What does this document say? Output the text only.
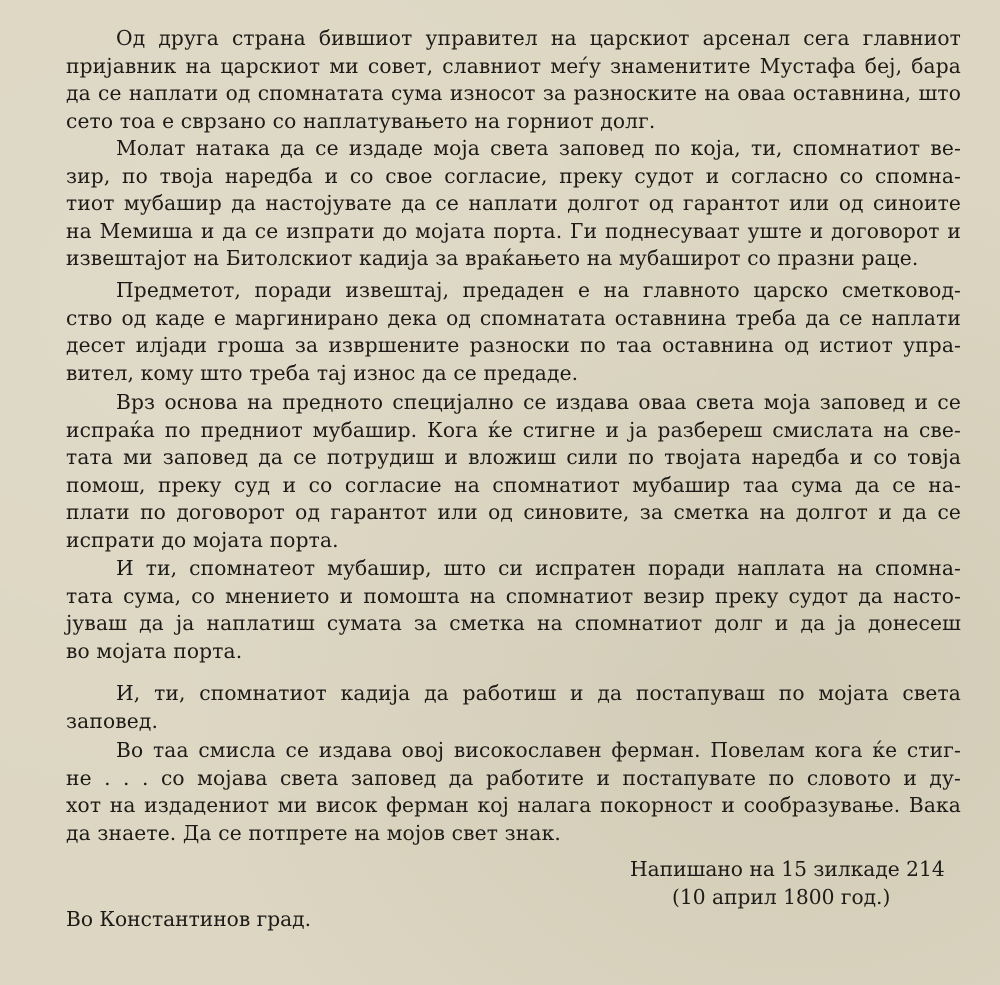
Од друга страна бившиот управител на царскиот арсенал сега главниот
пријавник на царскиот ми совет, славниот меѓу знаменитите Мустафа беј, бара
да се наплати од спомнатата сума износот за разноските на оваа оставнина, што
сето тоа е сврзано со наплатувањето на горниот долг.
Молат натака да се издаде моја света заповед по која, ти, спомнатиот ве-
зир, по твоја наредба и со свое согласие, преку судот и согласно со спомна-
тиот мубашир да настојувате да се наплати долгот од гарантот или од синоите
на Мемиша и да се изпрати до мојата порта. Ги поднесуваат уште и договорот и
извештајот на Битолскиот кадија за враќањето на мубаширот со празни раце.
Предметот, поради извештај, предаден е на главното царско сметковод-
ство од каде е маргинирано дека од спомнатата оставнина треба да се наплати
десет илјади гроша за извршените разноски по таа оставнина од истиот упра-
вител, кому што треба тај износ да се предаде.
Врз основа на предното специјално се издава оваа света моја заповед и се
испраќа по предниот мубашир. Кога ќе стигне и ја разбереш смислата на све-
тата ми заповед да се потрудиш и вложиш сили по твојата наредба и со товја
помош, преку суд и со согласие на спомнатиот мубашир таа сума да се на-
плати по договорот од гарантот или од синовите, за сметка на долгот и да се
испрати до мојата порта.
И ти, спомнатеот мубашир, што си испратен поради наплата на спомна-
тата сума, со мнението и помошта на спомнатиот везир преку судот да насто-
јуваш да ја наплатиш сумата за сметка на спомнатиот долг и да ја донесеш
во мојата порта.
И, ти, спомнатиот кадија да работиш и да постапуваш по мојата света
заповед.
Во таа смисла се издава овој високославен ферман. Повелам кога ќе стиг-
не . . . со мојава света заповед да работите и постапувате по словото и ду-
хот на издадениот ми висок ферман кој налага покорност и сообразување. Вака
да знаете. Да се потпрете на мојов свет знак.
Напишано на 15 зилкаде 214
(10 април 1800 год.)
Во Константинов град.
